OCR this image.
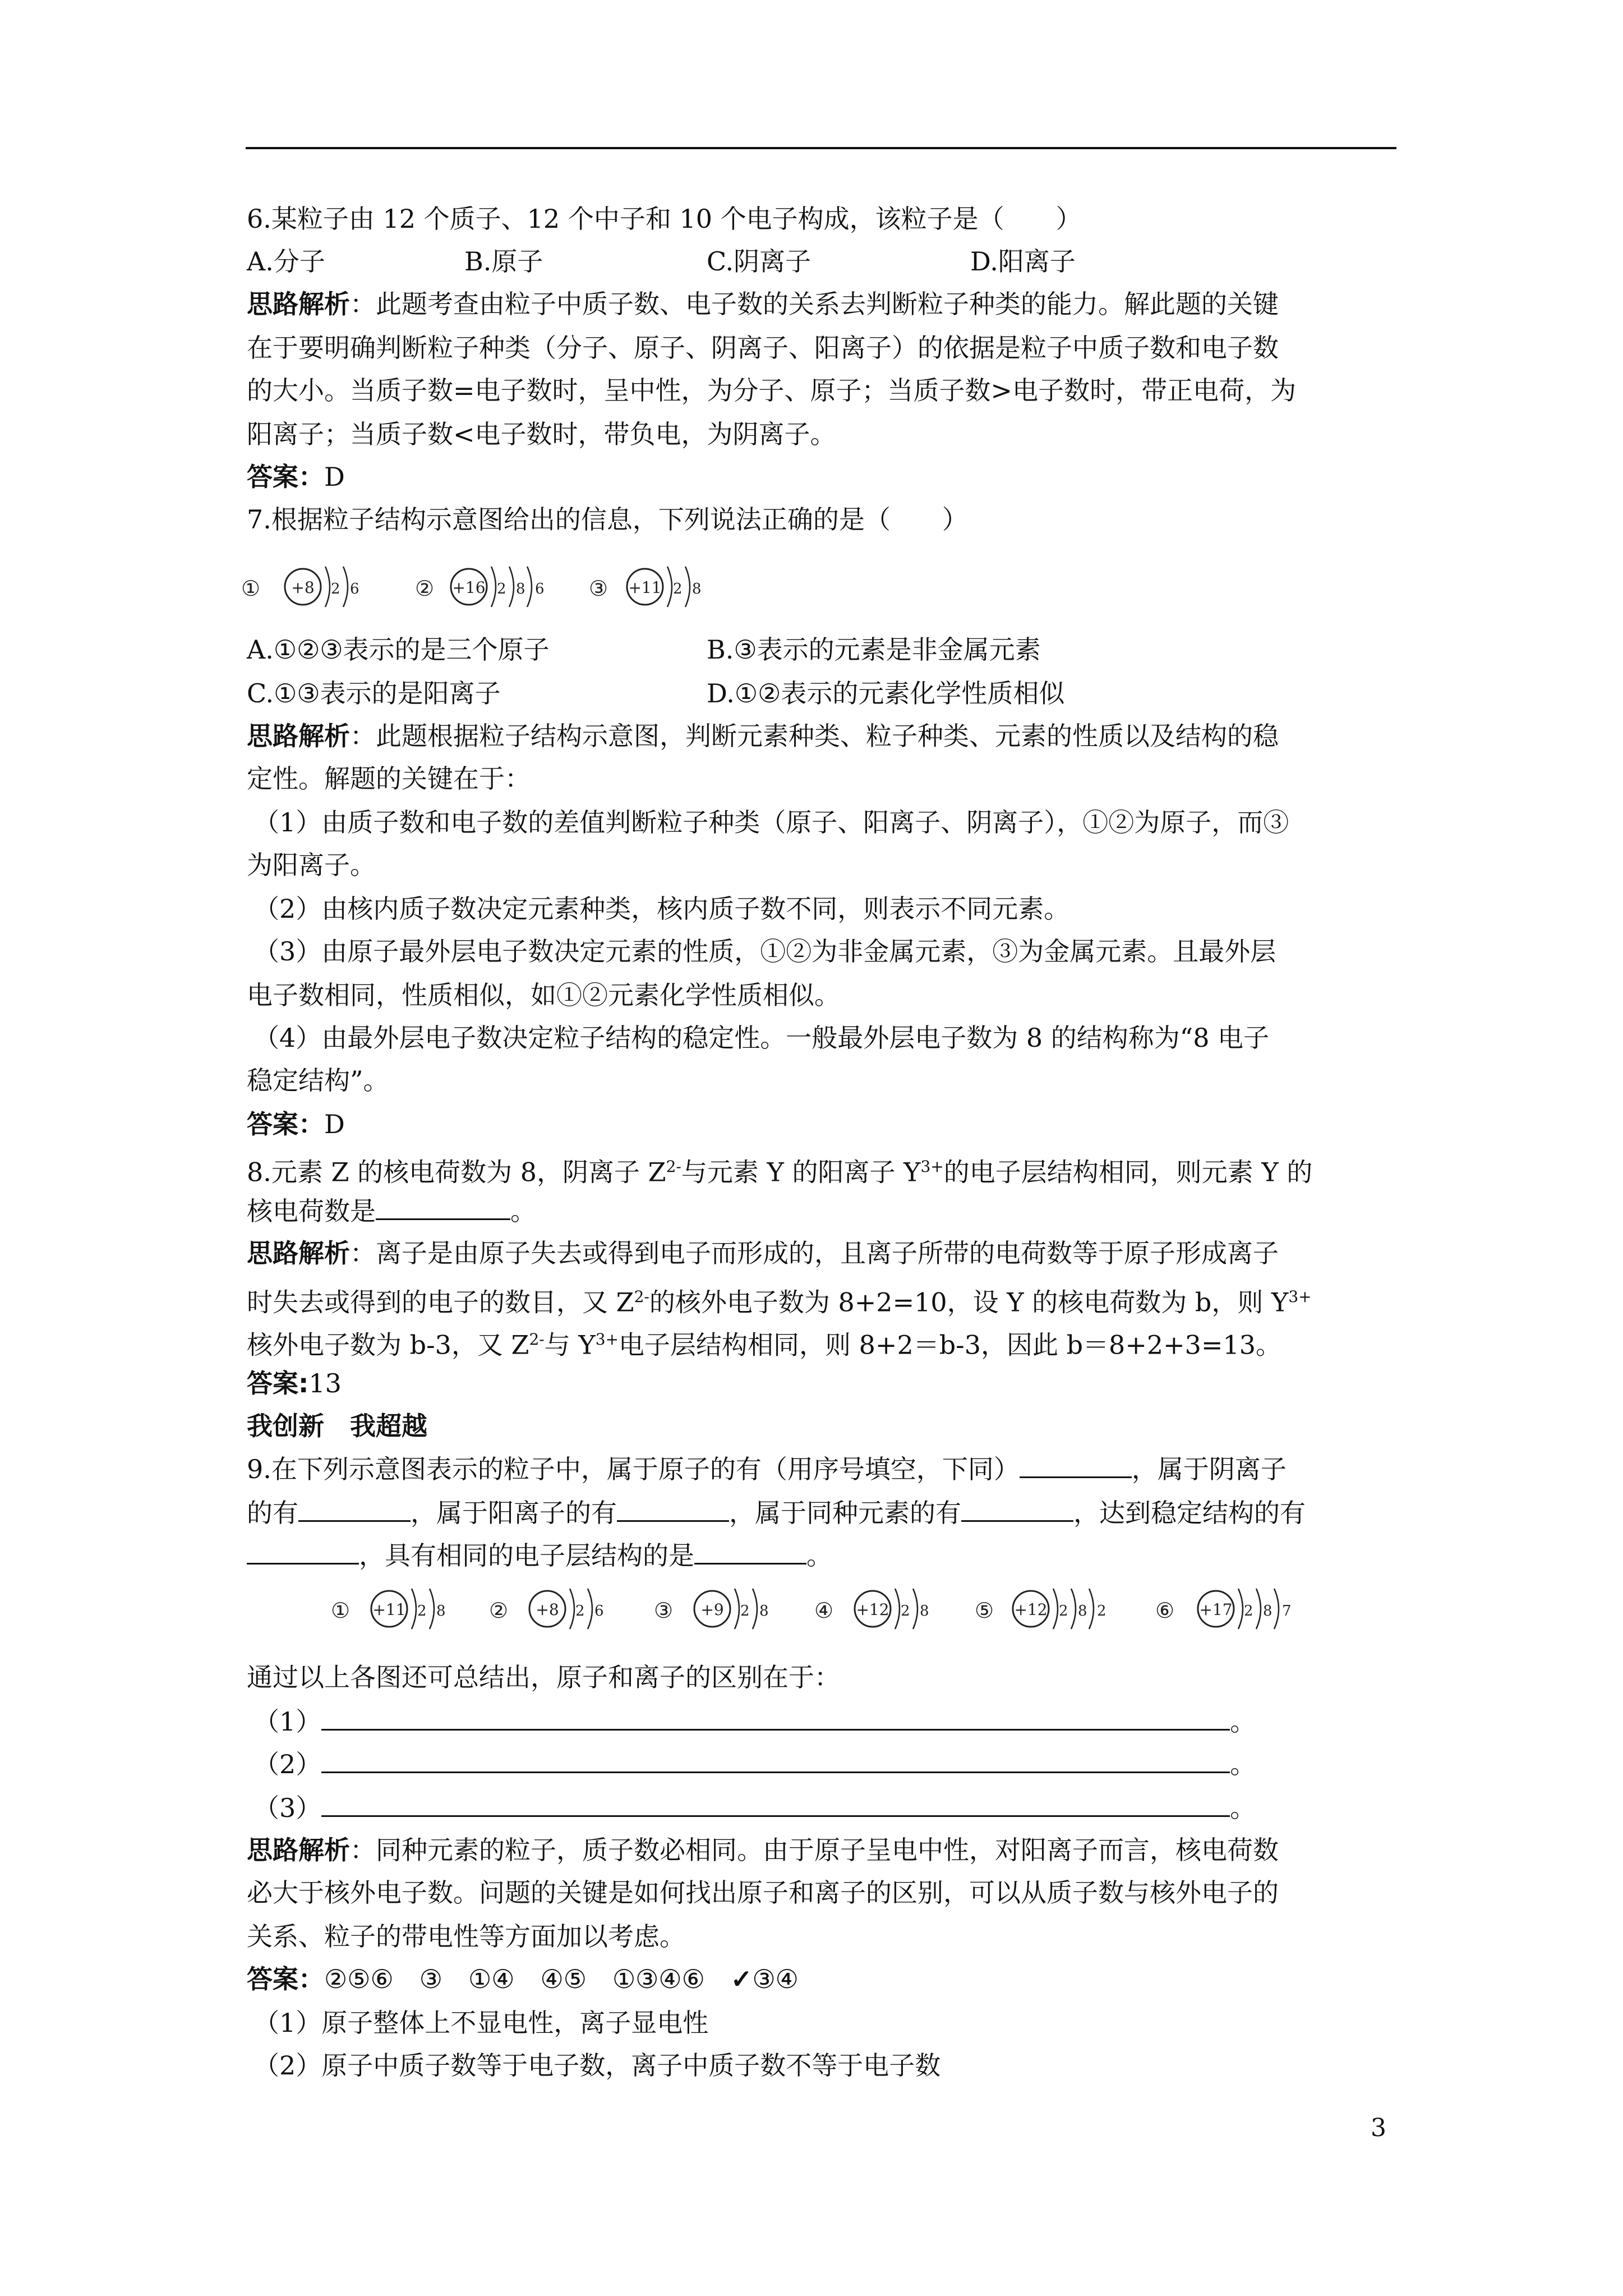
6.某粒子由 12 个质子、12 个中子和 10 个电子构成，该粒子是（　　）
A.分子	B.原子	C.阴离子	D.阳离子
思路解析：此题考查由粒子中质子数、电子数的关系去判断粒子种类的能力。解此题的关键
在于要明确判断粒子种类（分子、原子、阴离子、阳离子）的依据是粒子中质子数和电子数
的大小。当质子数=电子数时，呈中性，为分子、原子；当质子数>电子数时，带正电荷，为
阳离子；当质子数<电子数时，带负电，为阴离子。
答案：D
7.根据粒子结构示意图给出的信息，下列说法正确的是（　　）
① +8 2 6	② +16 2 8 6 ③ +11 2 8
A.①②③表示的是三个原子	B.③表示的元素是非金属元素
C.①③表示的是阳离子	D.①②表示的元素化学性质相似
思路解析：此题根据粒子结构示意图，判断元素种类、粒子种类、元素的性质以及结构的稳
定性。解题的关键在于：
（1）由质子数和电子数的差值判断粒子种类（原子、阳离子、阴离子），①②为原子，而③
为阳离子。
（2）由核内质子数决定元素种类，核内质子数不同，则表示不同元素。
（3）由原子最外层电子数决定元素的性质，①②为非金属元素，③为金属元素。且最外层
电子数相同，性质相似，如①②元素化学性质相似。
（4）由最外层电子数决定粒子结构的稳定性。一般最外层电子数为 8 的结构称为“8 电子
稳定结构”。
答案：D
8.元素 Z 的核电荷数为 8，阴离子 $Z^{2-}$与元素 Y 的阳离子 $Y^{3+}$的电子层结构相同，则元素 Y 的
核电荷数是	。
思路解析：离子是由原子失去或得到电子而形成的，且离子所带的电荷数等于原子形成离子
时失去或得到的电子的数目，又 $Z^{2-}$的核外电子数为 8+2=10，设 Y 的核电荷数为 b，则 $Y^{3+}$
核外电子数为 b-3，又 $Z^{2-}$与 $Y^{3+}$电子层结构相同，则 8+2＝b-3，因此 b＝8+2+3=13。
答案:13
我创新　我超越
9.在下列示意图表示的粒子中，属于原子的有（用序号填空，下同）	，属于阴离子
的有	，属于阳离子的有	，属于同种元素的有	，达到稳定结构的有
，具有相同的电子层结构的是	。
① +11 2 8 ② +8 2 6 ③ +9 2 8 ④ +12 2 8 ⑤ +12 2 8 2 ⑥ +17 2 8 7
通过以上各图还可总结出，原子和离子的区别在于：
（1）	。
（2）	。
（3）	。
思路解析：同种元素的粒子，质子数必相同。由于原子呈电中性，对阳离子而言，核电荷数
必大于核外电子数。问题的关键是如何找出原子和离子的区别，可以从质子数与核外电子的
关系、粒子的带电性等方面加以考虑。
答案：②⑤⑥　 ③　 ①④　 ④⑤　 ①③④⑥　 ✓③④
（1）原子整体上不显电性，离子显电性
（2）原子中质子数等于电子数，离子中质子数不等于电子数
3
